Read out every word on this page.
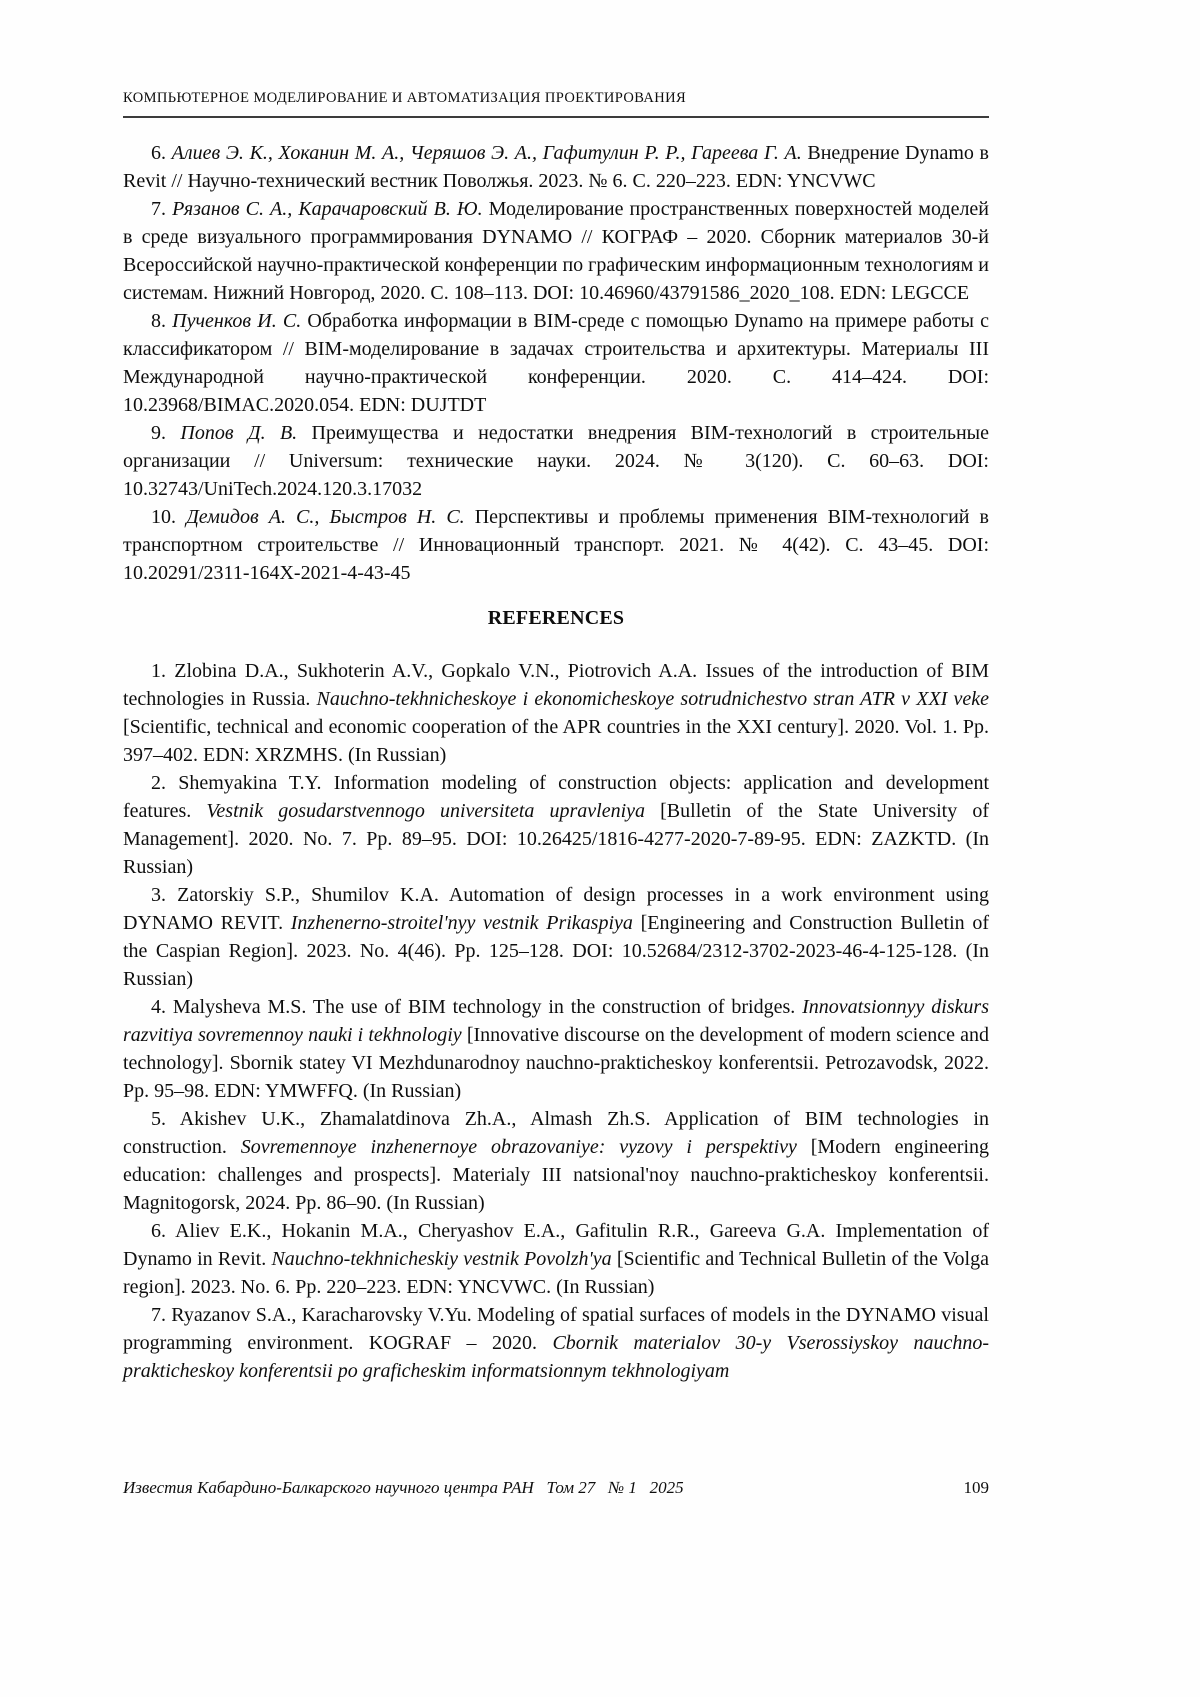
КОМПЬЮТЕРНОЕ МОДЕЛИРОВАНИЕ И АВТОМАТИЗАЦИЯ ПРОЕКТИРОВАНИЯ

6. Алиев Э. К., Хоканин М. А., Черяшов Э. А., Гафитулин Р. Р., Гареева Г. А. Внедрение Dynamo в Revit // Научно-технический вестник Поволжья. 2023. № 6. С. 220–223. EDN: YNCVWC

7. Рязанов С. А., Карачаровский В. Ю. Моделирование пространственных поверхностей моделей в среде визуального программирования DYNAMO // КОГРАФ – 2020. Сборник материалов 30-й Всероссийской научно-практической конференции по графическим информационным технологиям и системам. Нижний Новгород, 2020. С. 108–113. DOI: 10.46960/43791586_2020_108. EDN: LEGCCE

8. Пученков И. С. Обработка информации в BIM-среде с помощью Dynamo на примере работы с классификатором // BIM-моделирование в задачах строительства и архитектуры. Материалы III Международной научно-практической конференции. 2020. С. 414–424. DOI: 10.23968/BIMAC.2020.054. EDN: DUJTDT

9. Попов Д. В. Преимущества и недостатки внедрения BIM-технологий в строительные организации // Universum: технические науки. 2024. № 3(120). С. 60–63. DOI: 10.32743/UniTech.2024.120.3.17032

10. Демидов А. С., Быстров Н. С. Перспективы и проблемы применения BIM-технологий в транспортном строительстве // Инновационный транспорт. 2021. № 4(42). С. 43–45. DOI: 10.20291/2311-164X-2021-4-43-45

REFERENCES

1. Zlobina D.A., Sukhoterin A.V., Gopkalo V.N., Piotrovich A.A. Issues of the introduction of BIM technologies in Russia. Nauchno-tekhnicheskoye i ekonomicheskoye sotrudnichestvo stran ATR v XXI veke [Scientific, technical and economic cooperation of the APR countries in the XXI century]. 2020. Vol. 1. Pp. 397–402. EDN: XRZMHS. (In Russian)

2. Shemyakina T.Y. Information modeling of construction objects: application and development features. Vestnik gosudarstvennogo universiteta upravleniya [Bulletin of the State University of Management]. 2020. No. 7. Pp. 89–95. DOI: 10.26425/1816-4277-2020-7-89-95. EDN: ZAZKTD. (In Russian)

3. Zatorskiy S.P., Shumilov K.A. Automation of design processes in a work environment using DYNAMO REVIT. Inzhenerno-stroitel'nyy vestnik Prikaspiya [Engineering and Construction Bulletin of the Caspian Region]. 2023. No. 4(46). Pp. 125–128. DOI: 10.52684/2312-3702-2023-46-4-125-128. (In Russian)

4. Malysheva M.S. The use of BIM technology in the construction of bridges. Innovatsionnyy diskurs razvitiya sovremennoy nauki i tekhnologiy [Innovative discourse on the development of modern science and technology]. Sbornik statey VI Mezhdunarodnoy nauchno-prakticheskoy konferentsii. Petrozavodsk, 2022. Pp. 95–98. EDN: YMWFFQ. (In Russian)

5. Akishev U.K., Zhamalatdinova Zh.A., Almash Zh.S. Application of BIM technologies in construction. Sovremennoye inzhenernoye obrazovaniye: vyzovy i perspektivy [Modern engineering education: challenges and prospects]. Materialy III natsional'noy nauchno-prakticheskoy konferentsii. Magnitogorsk, 2024. Pp. 86–90. (In Russian)

6. Aliev E.K., Hokanin M.A., Cheryashov E.A., Gafitulin R.R., Gareeva G.A. Implementation of Dynamo in Revit. Nauchno-tekhnicheskiy vestnik Povolzh'ya [Scientific and Technical Bulletin of the Volga region]. 2023. No. 6. Pp. 220–223. EDN: YNCVWC. (In Russian)

7. Ryazanov S.A., Karacharovsky V.Yu. Modeling of spatial surfaces of models in the DYNAMO visual programming environment. KOGRAF – 2020. Cbornik materialov 30-y Vserossiyskoy nauchno-prakticheskoy konferentsii po graficheskim informatsionnym tekhnologiyam

Известия Кабардино-Балкарского научного центра РАН   Том 27   № 1   2025	109
